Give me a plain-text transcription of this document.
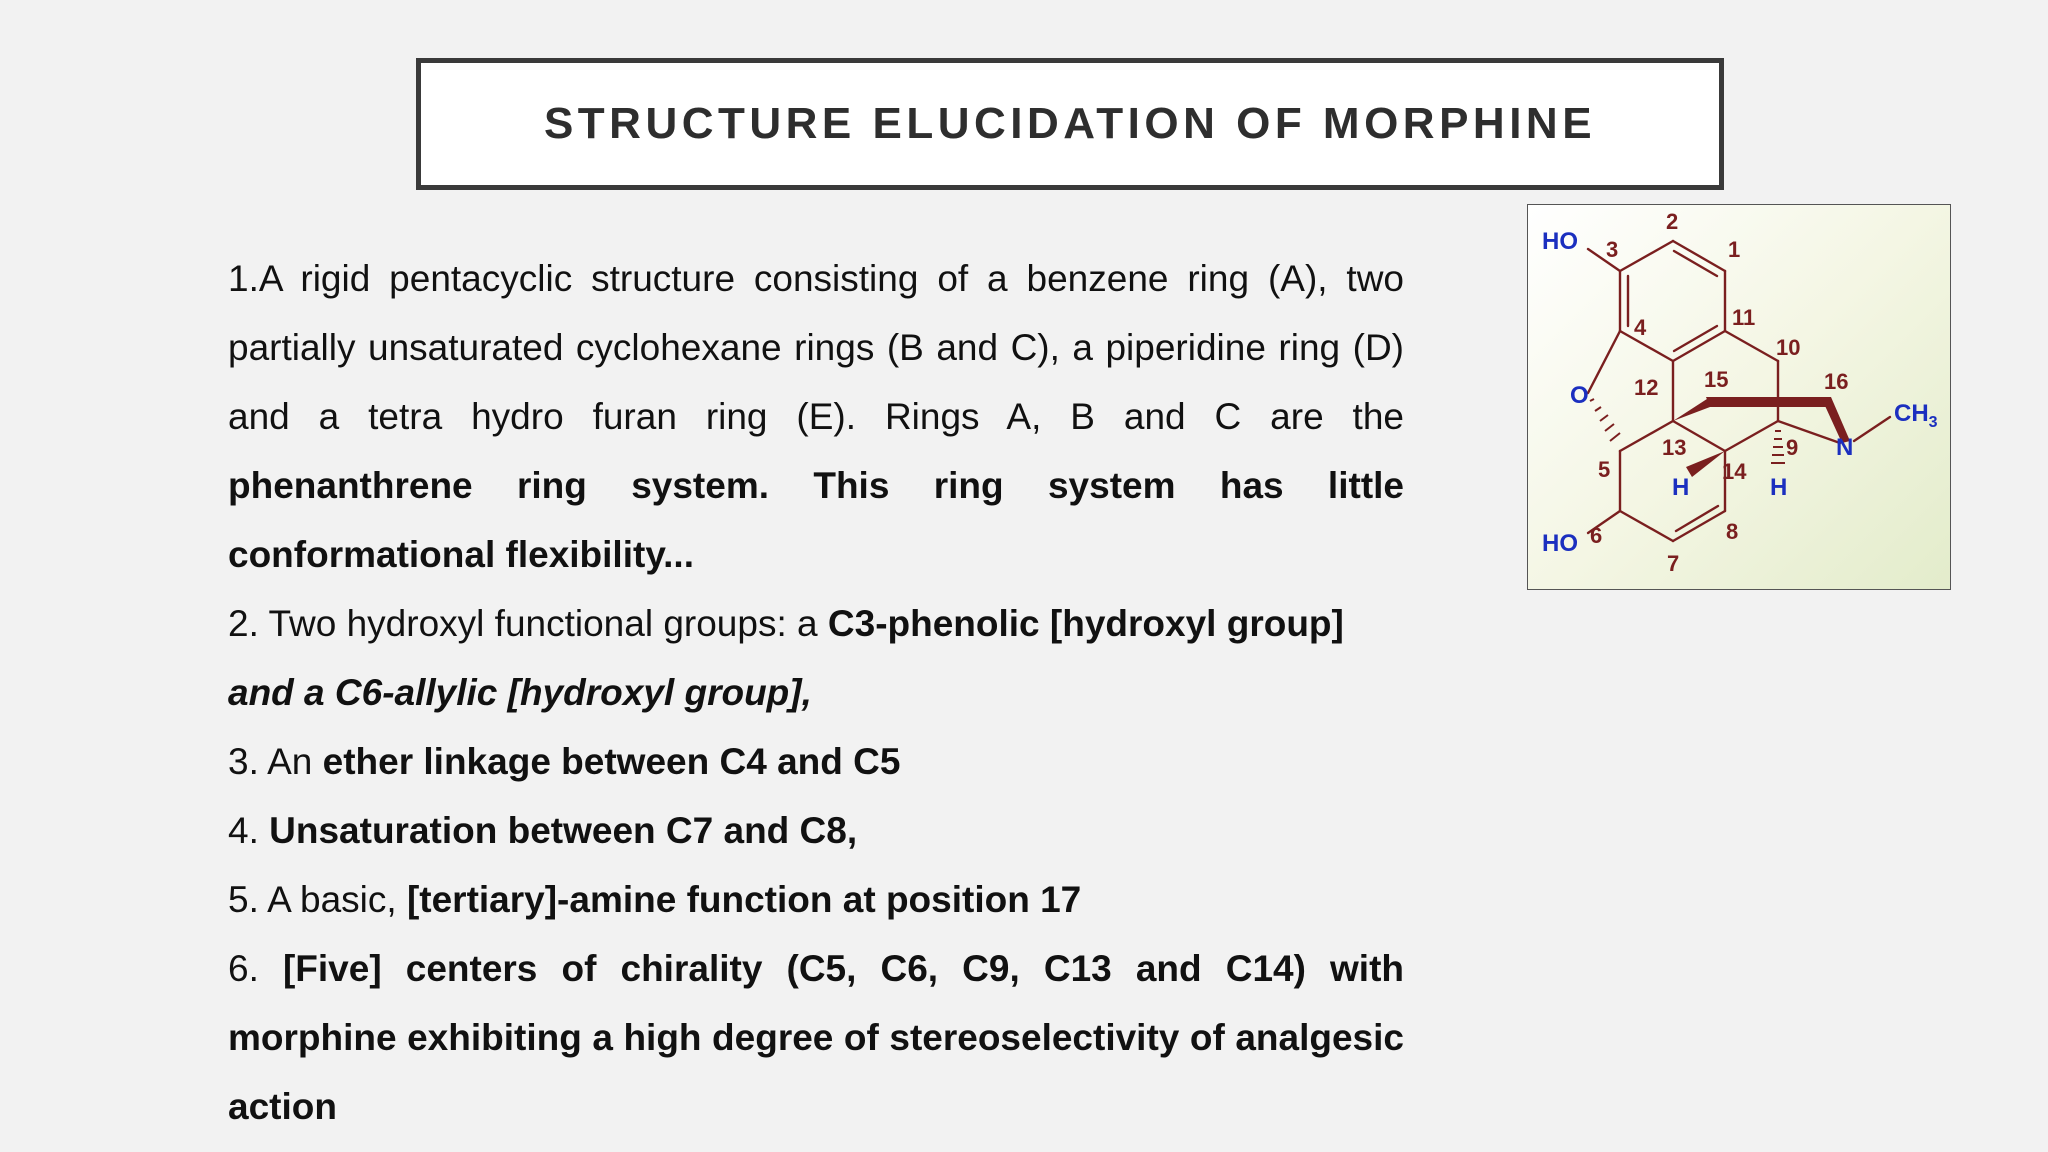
STRUCTURE ELUCIDATION OF MORPHINE

1.A rigid pentacyclic structure consisting of a benzene ring (A), two partially unsaturated cyclohexane rings (B and C), a piperidine ring (D) and a tetra hydro furan ring (E). Rings A, B and C are the phenanthrene ring system. This ring system has little conformational flexibility...

2. Two hydroxyl functional groups: a C3-phenolic [hydroxyl group]
and a C6-allylic [hydroxyl group],

3. An ether linkage between C4 and C5

4. Unsaturation between C7 and C8,

5. A basic, [tertiary]-amine function at position 17

6. [Five] centers of chirality (C5, C6, C9, C13 and C14) with morphine exhibiting a high degree of stereoselectivity of analgesic action

2
1
3
4	11
10
12 15	16
13	9
14
5
6
7
8
HO
HO
O
N
$CH_3$
H	H
